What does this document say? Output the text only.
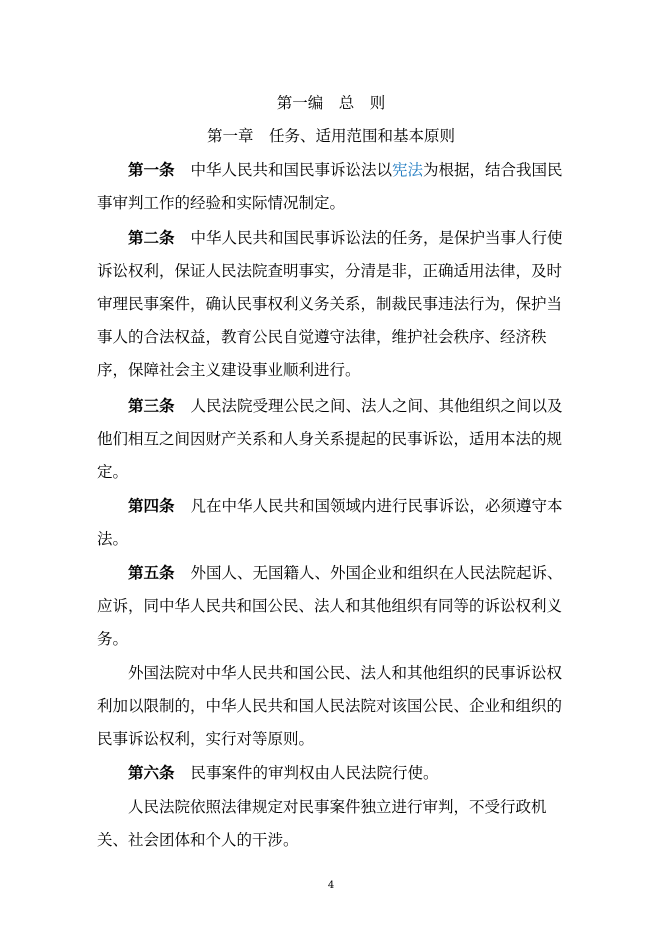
第一编　总　则
第一章　任务、适用范围和基本原则
第一条 中华人民共和国民事诉讼法以宪法为根据，结合我国民
事审判工作的经验和实际情况制定。
第二条 中华人民共和国民事诉讼法的任务，是保护当事人行使
诉讼权利，保证人民法院查明事实，分清是非，正确适用法律，及时
审理民事案件，确认民事权利义务关系，制裁民事违法行为，保护当
事人的合法权益，教育公民自觉遵守法律，维护社会秩序、经济秩
序，保障社会主义建设事业顺利进行。
第三条 人民法院受理公民之间、法人之间、其他组织之间以及
他们相互之间因财产关系和人身关系提起的民事诉讼，适用本法的规
定。
第四条 凡在中华人民共和国领域内进行民事诉讼，必须遵守本
法。
第五条 外国人、无国籍人、外国企业和组织在人民法院起诉、
应诉，同中华人民共和国公民、法人和其他组织有同等的诉讼权利义
务。
外国法院对中华人民共和国公民、法人和其他组织的民事诉讼权
利加以限制的，中华人民共和国人民法院对该国公民、企业和组织的
民事诉讼权利，实行对等原则。
第六条 民事案件的审判权由人民法院行使。
人民法院依照法律规定对民事案件独立进行审判，不受行政机
关、社会团体和个人的干涉。
4
